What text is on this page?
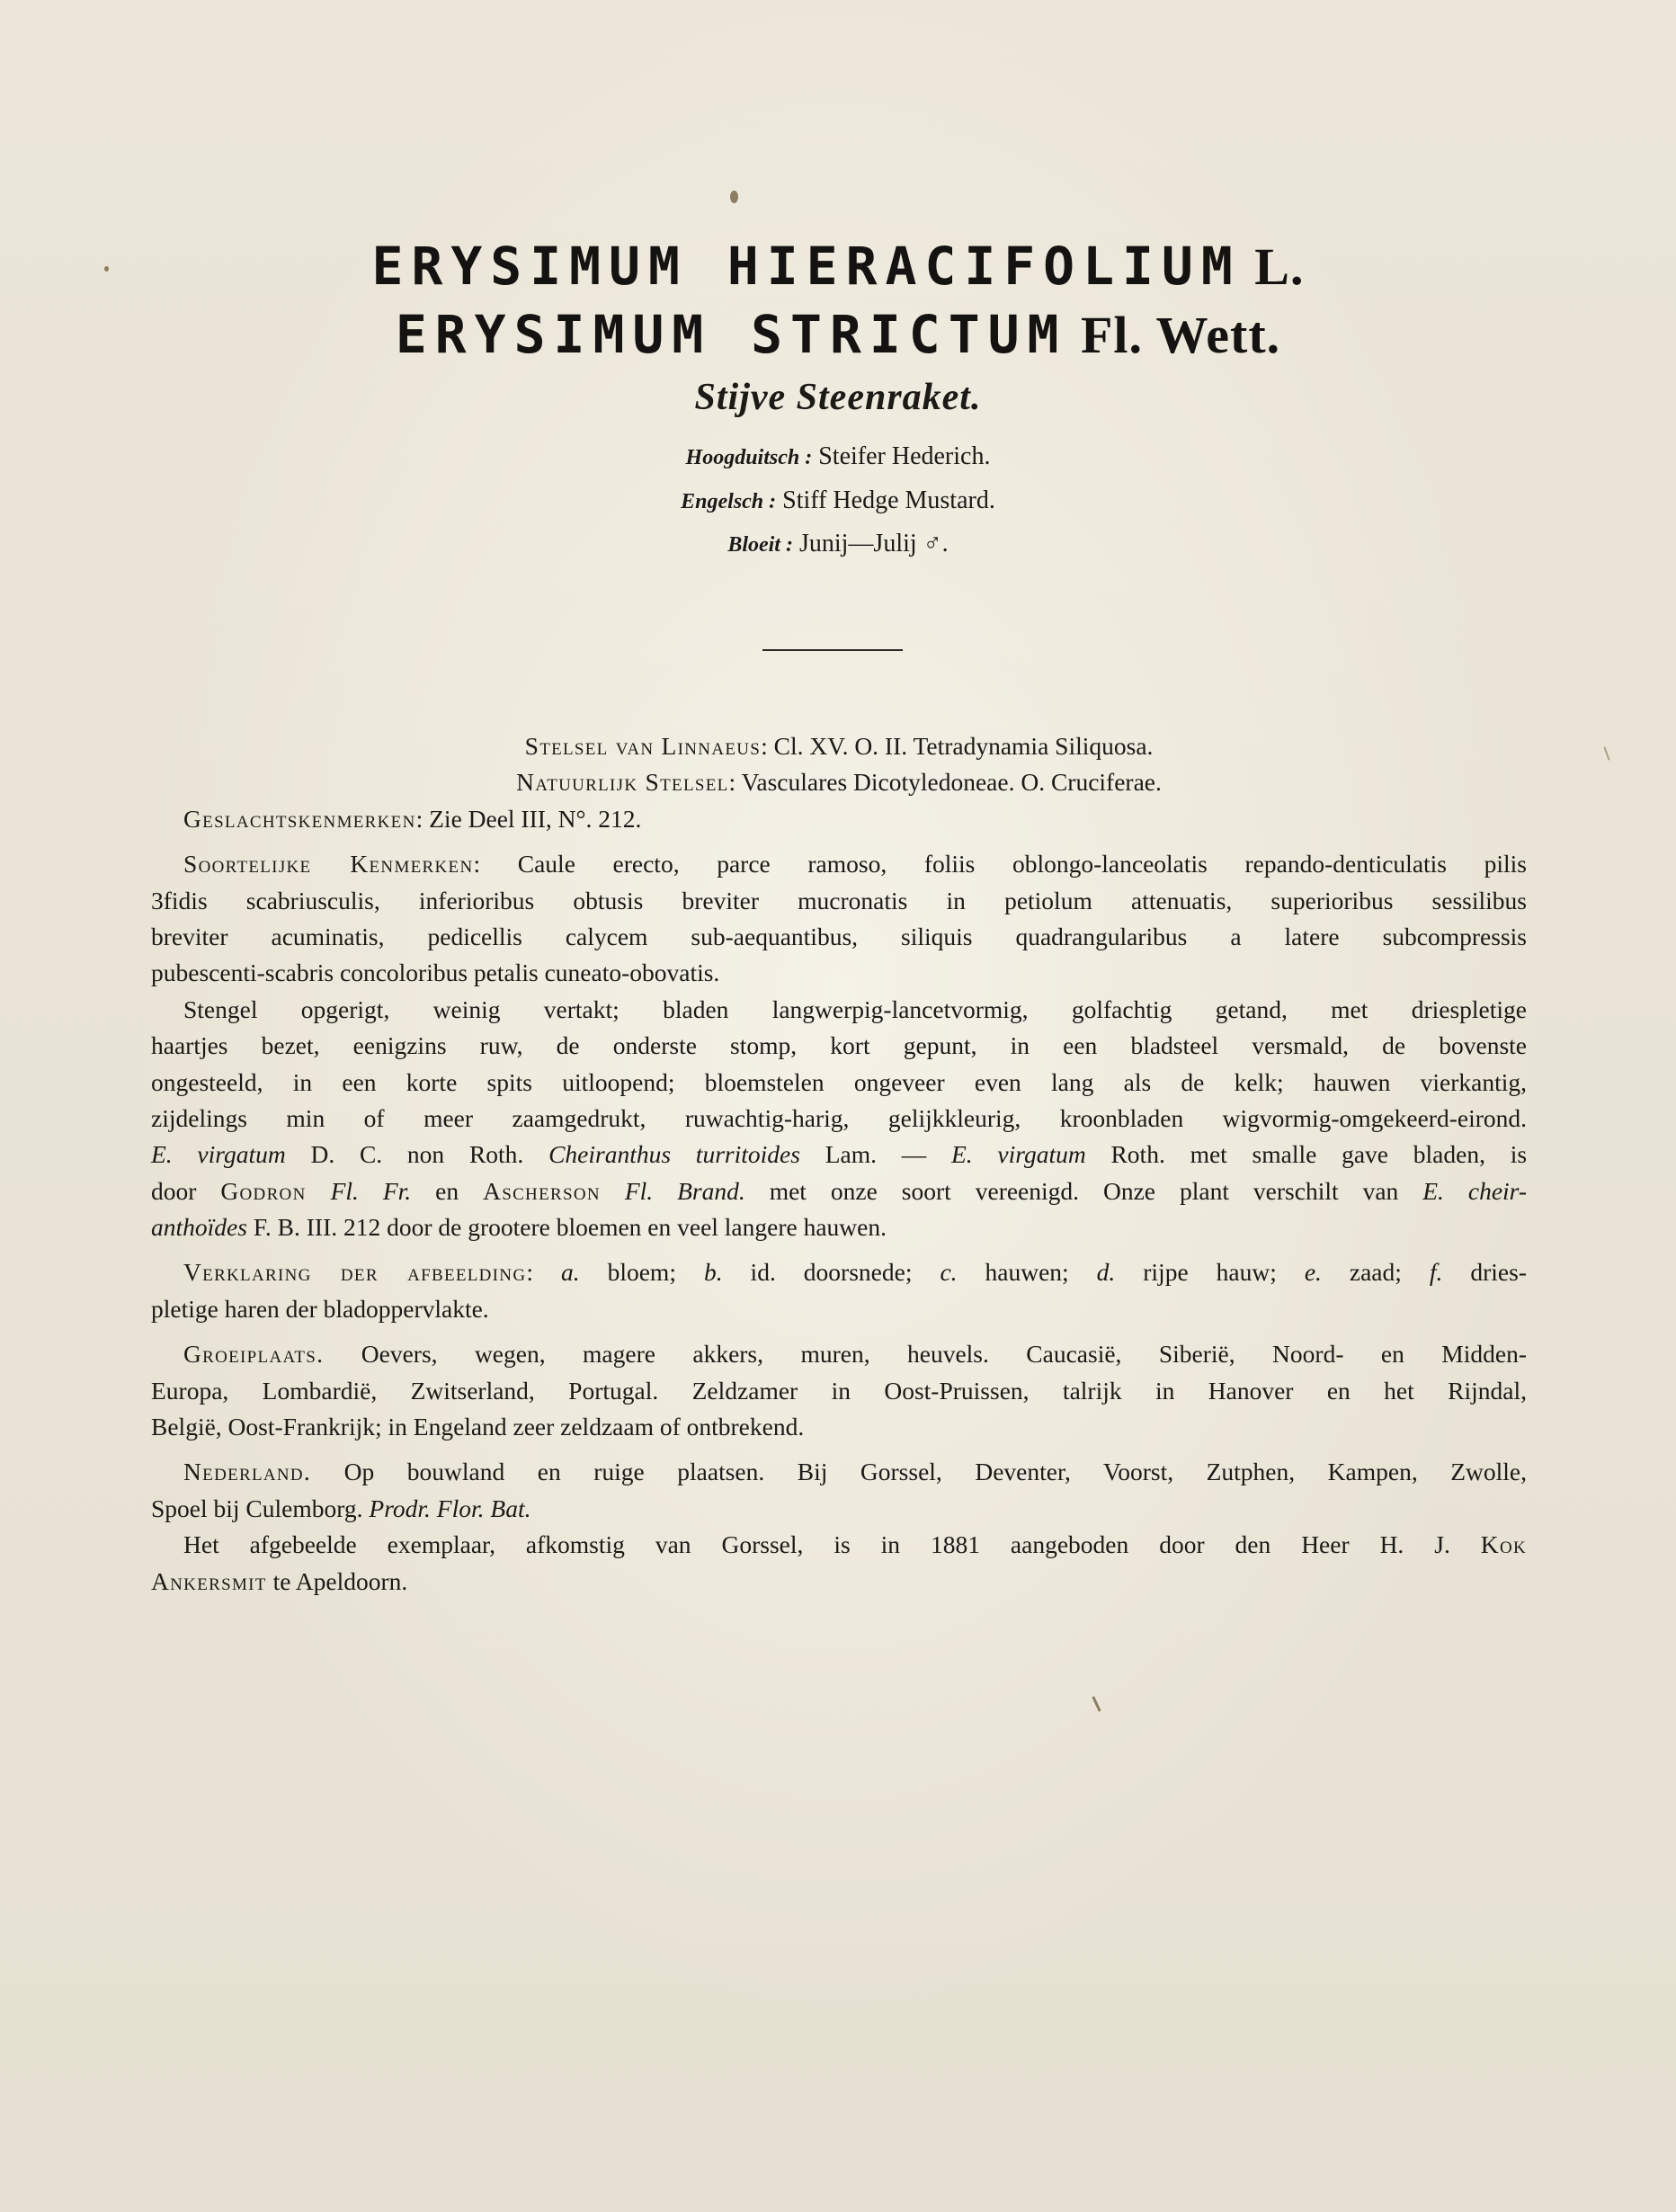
ERYSIMUM HIERACIFOLIUM L.
ERYSIMUM STRICTUM Fl. Wett.
Stijve Steenraket.
Hoogduitsch : Steifer Hederich.
Engelsch : Stiff Hedge Mustard.
Bloeit : Junij—Julij ♂.
Stelsel van Linnaeus: Cl. XV. O. II. Tetradynamia Siliquosa.
Natuurlijk Stelsel: Vasculares Dicotyledoneae. O. Cruciferae.
Geslachtskenmerken: Zie Deel III, N°. 212.
Soortelijke Kenmerken: Caule erecto, parce ramoso, foliis oblongo-lanceolatis repando-denticulatis pilis
3fidis scabriusculis, inferioribus obtusis breviter mucronatis in petiolum attenuatis, superioribus sessilibus
breviter acuminatis, pedicellis calycem sub-aequantibus, siliquis quadrangularibus a latere subcompressis
pubescenti-scabris concoloribus petalis cuneato-obovatis.
Stengel opgerigt, weinig vertakt; bladen langwerpig-lancetvormig, golfachtig getand, met driespletige
haartjes bezet, eenigzins ruw, de onderste stomp, kort gepunt, in een bladsteel versmald, de bovenste
ongesteeld, in een korte spits uitloopend; bloemstelen ongeveer even lang als de kelk; hauwen vierkantig,
zijdelings min of meer zaamgedrukt, ruwachtig-harig, gelijkkleurig, kroonbladen wigvormig-omgekeerd-eirond.
E. virgatum D. C. non Roth. Cheiranthus turritoides Lam. — E. virgatum Roth. met smalle gave bladen, is
door Godron Fl. Fr. en Ascherson Fl. Brand. met onze soort vereenigd. Onze plant verschilt van E. cheir-
anthoïdes F. B. III. 212 door de grootere bloemen en veel langere hauwen.
Verklaring der afbeelding: a. bloem; b. id. doorsnede; c. hauwen; d. rijpe hauw; e. zaad; f. dries-
pletige haren der bladoppervlakte.
Groeiplaats. Oevers, wegen, magere akkers, muren, heuvels. Caucasië, Siberië, Noord- en Midden-
Europa, Lombardië, Zwitserland, Portugal. Zeldzamer in Oost-Pruissen, talrijk in Hanover en het Rijndal,
België, Oost-Frankrijk; in Engeland zeer zeldzaam of ontbrekend.
Nederland. Op bouwland en ruige plaatsen. Bij Gorssel, Deventer, Voorst, Zutphen, Kampen, Zwolle,
Spoel bij Culemborg. Prodr. Flor. Bat.
Het afgebeelde exemplaar, afkomstig van Gorssel, is in 1881 aangeboden door den Heer H. J. Kok
Ankersmit te Apeldoorn.
